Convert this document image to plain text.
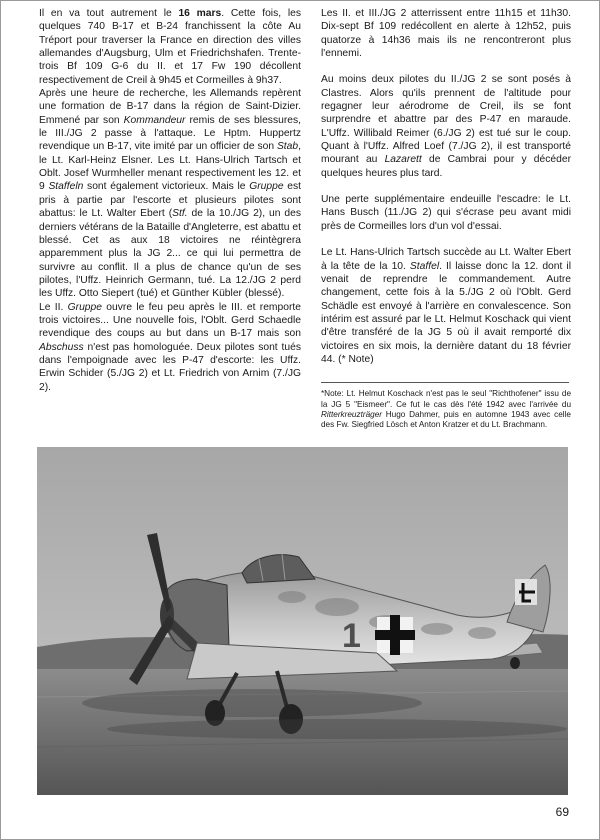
Il en va tout autrement le 16 mars. Cette fois, les quelques 740 B-17 et B-24 franchissent la côte Au Tréport pour traverser la France en direction des villes allemandes d'Augsburg, Ulm et Friedrichshafen. Trente-trois Bf 109 G-6 du II. et 17 Fw 190 décollent respectivement de Creil à 9h45 et Cormeilles à 9h37.

Après une heure de recherche, les Allemands repèrent une formation de B-17 dans la région de Saint-Dizier. Emmené par son Kommandeur remis de ses blessures, le III./JG 2 passe à l'attaque. Le Hptm. Huppertz revendique un B-17, vite imité par un officier de son Stab, le Lt. Karl-Heinz Elsner. Les Lt. Hans-Ulrich Tartsch et Oblt. Josef Wurmheller menant respectivement les 12. et 9 Staffeln sont également victorieux. Mais le Gruppe est pris à partie par l'escorte et plusieurs pilotes sont abattus: le Lt. Walter Ebert (Stf. de la 10./JG 2), un des derniers vétérans de la Bataille d'Angleterre, est abattu et blessé. Cet as aux 18 victoires ne réintègrera apparemment plus la JG 2... ce qui lui permettra de survivre au conflit. Il a plus de chance qu'un de ses pilotes, l'Uffz. Heinrich Germann, tué. La 12./JG 2 perd les Uffz. Otto Siepert (tué) et Günther Kübler (blessé).

Le II. Gruppe ouvre le feu peu après le III. et remporte trois victoires... Une nouvelle fois, l'Oblt. Gerd Schaedle revendique des coups au but dans un B-17 mais son Abschuss n'est pas homologuée. Deux pilotes sont tués dans l'empoignade avec les P-47 d'escorte: les Uffz. Erwin Schider (5./JG 2) et Lt. Friedrich von Arnim (7./JG 2).

Les II. et III./JG 2 atterrissent entre 11h15 et 11h30. Dix-sept Bf 109 redécollent en alerte à 12h52, puis quatorze à 14h36 mais ils ne rencontreront plus l'ennemi.

Au moins deux pilotes du II./JG 2 se sont posés à Clastres. Alors qu'ils prennent de l'altitude pour regagner leur aérodrome de Creil, ils se font surprendre et abattre par des P-47 en maraude. L'Uffz. Willibald Reimer (6./JG 2) est tué sur le coup. Quant à l'Uffz. Alfred Loef (7./JG 2), il est transporté mourant au Lazarett de Cambrai pour y décéder quelques heures plus tard.

Une perte supplémentaire endeuille l'escadre: le Lt. Hans Busch (11./JG 2) qui s'écrase peu avant midi près de Cormeilles lors d'un vol d'essai.

Le Lt. Hans-Ulrich Tartsch succède au Lt. Walter Ebert à la tête de la 10. Staffel. Il laisse donc la 12. dont il venait de reprendre le commandement. Autre changement, cette fois à la 5./JG 2 où l'Oblt. Gerd Schädle est envoyé à l'arrière en convalescence. Son intérim est assuré par le Lt. Helmut Koschack qui vient d'être transféré de la JG 5 où il avait remporté dix victoires en six mois, la dernière datant du 18 février 44. (* Note)

*Note: Lt. Helmut Koschack n'est pas le seul "Richthofener" issu de la JG 5 "Eismeer". Ce fut le cas dès l'été 1942 avec l'arrivée du Ritterkreuzträger Hugo Dahmer, puis en automne 1943 avec celle des Fw. Siegfried Lösch et Anton Kratzer et du Lt. Brachmann.

1
69
